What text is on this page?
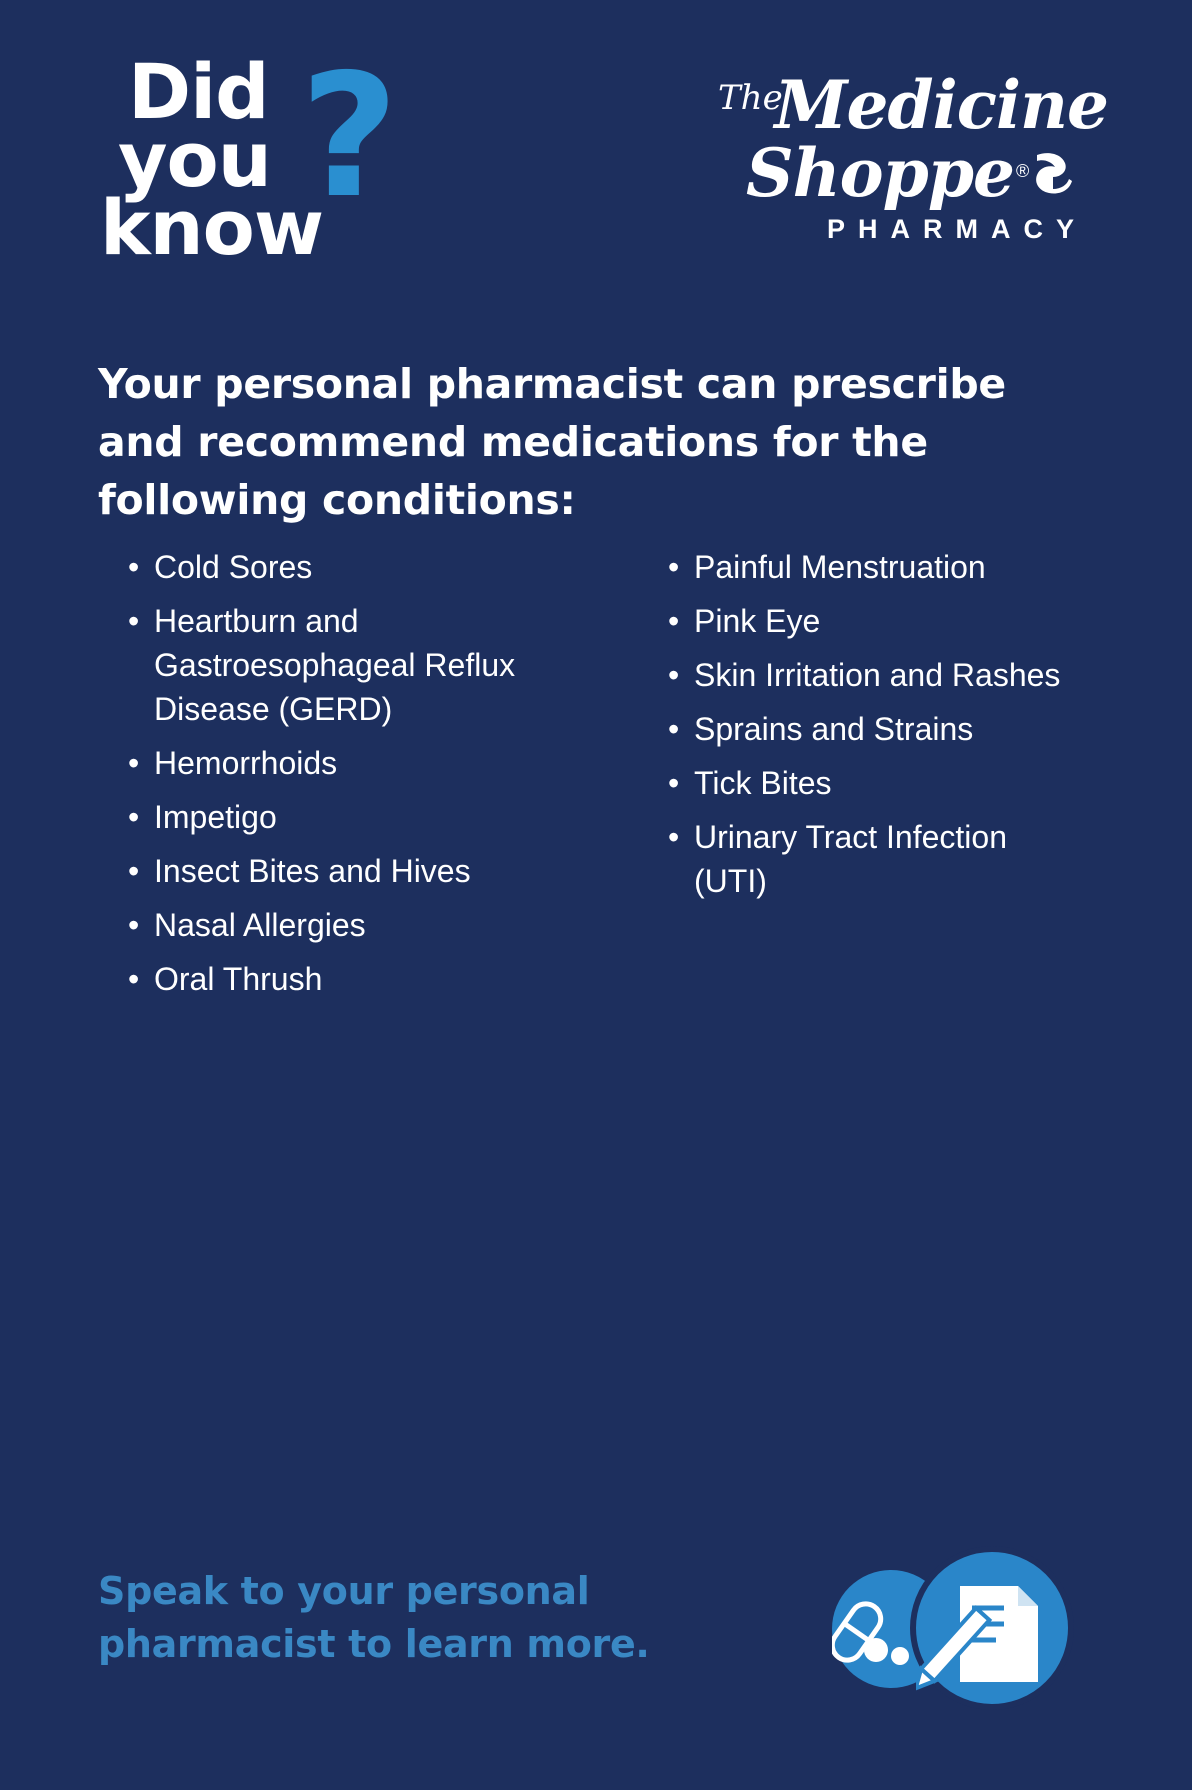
Did
you
know
?	The
Medicine
Shoppe ®
PHARMACY
Your personal pharmacist can prescribe and recommend medications for the following conditions:
• Cold Sores
• Heartburn and Gastroesophageal Reflux Disease (GERD)
• Hemorrhoids
• Impetigo
• Insect Bites and Hives
• Nasal Allergies
• Oral Thrush
• Painful Menstruation
• Pink Eye
• Skin Irritation and Rashes
• Sprains and Strains
• Tick Bites
• Urinary Tract Infection (UTI)
Speak to your personal pharmacist to learn more.
